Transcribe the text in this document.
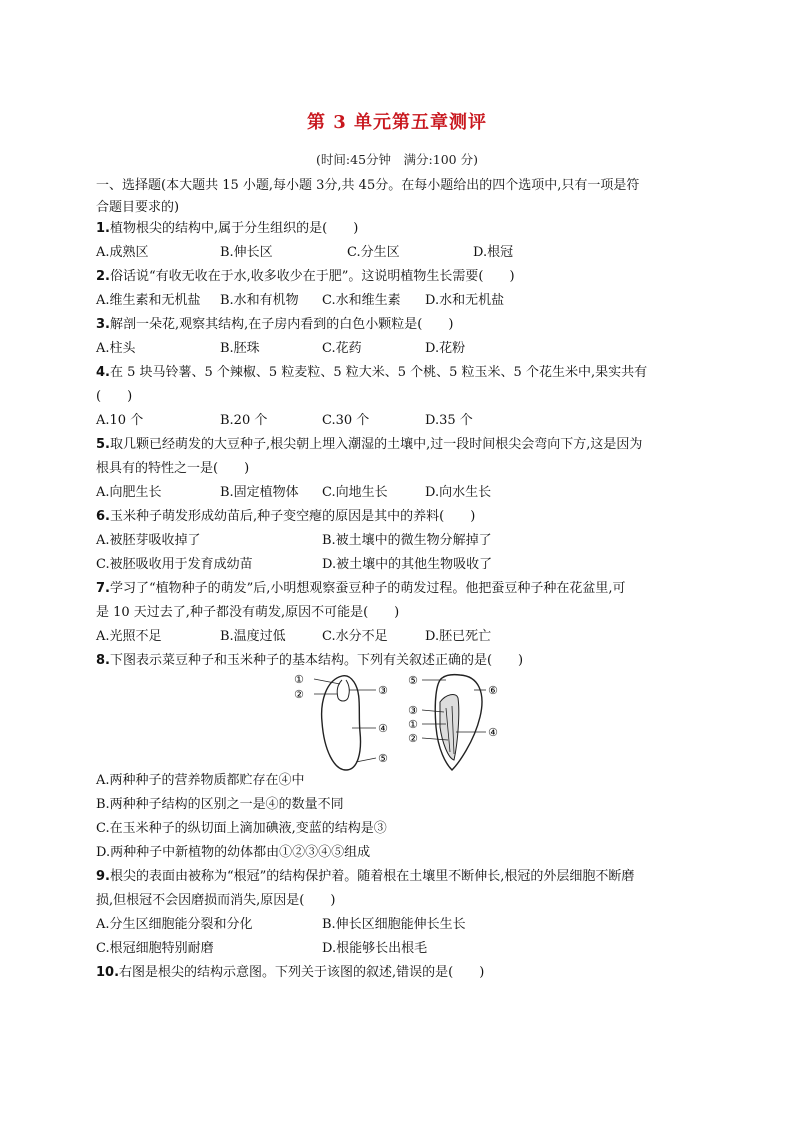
第 3 单元第五章测评
(时间:45分钟　满分:100 分)
一、选择题(本大题共 15 小题,每小题 3分,共 45分。在每小题给出的四个选项中,只有一项是符
合题目要求的)
1.植物根尖的结构中,属于分生组织的是(　　)
A.成熟区	B.伸长区	C.分生区	D.根冠
2.俗话说“有收无收在于水,收多收少在于肥”。这说明植物生长需要(　　)
A.维生素和无机盐 B.水和有机物 C.水和维生素 D.水和无机盐
3.解剖一朵花,观察其结构,在子房内看到的白色小颗粒是(　　)
A.柱头	B.胚珠	C.花药	D.花粉
4.在 5 块马铃薯、5 个辣椒、5 粒麦粒、5 粒大米、5 个桃、5 粒玉米、5 个花生米中,果实共有
(　　)
A.10 个	B.20 个	C.30 个	D.35 个
5.取几颗已经萌发的大豆种子,根尖朝上埋入潮湿的土壤中,过一段时间根尖会弯向下方,这是因为
根具有的特性之一是(　　)
A.向肥生长	B.固定植物体 C.向地生长	D.向水生长
6.玉米种子萌发形成幼苗后,种子变空瘪的原因是其中的养料(　　)
A.被胚芽吸收掉了	B.被土壤中的微生物分解掉了
C.被胚吸收用于发育成幼苗	D.被土壤中的其他生物吸收了
7.学习了“植物种子的萌发”后,小明想观察蚕豆种子的萌发过程。他把蚕豆种子种在花盆里,可
是 10 天过去了,种子都没有萌发,原因不可能是(　　)
A.光照不足	B.温度过低	C.水分不足	D.胚已死亡
8.下图表示菜豆种子和玉米种子的基本结构。下列有关叙述正确的是(　　)
①
②	③
④
⑤
⑤
⑥
③
①
②	④
A.两种种子的营养物质都贮存在④中
B.两种种子结构的区别之一是④的数量不同
C.在玉米种子的纵切面上滴加碘液,变蓝的结构是③
D.两种种子中新植物的幼体都由①②③④⑤组成
9.根尖的表面由被称为“根冠”的结构保护着。随着根在土壤里不断伸长,根冠的外层细胞不断磨
损,但根冠不会因磨损而消失,原因是(　　)
A.分生区细胞能分裂和分化	B.伸长区细胞能伸长生长
C.根冠细胞特别耐磨	D.根能够长出根毛
10.右图是根尖的结构示意图。下列关于该图的叙述,错误的是(　　)
